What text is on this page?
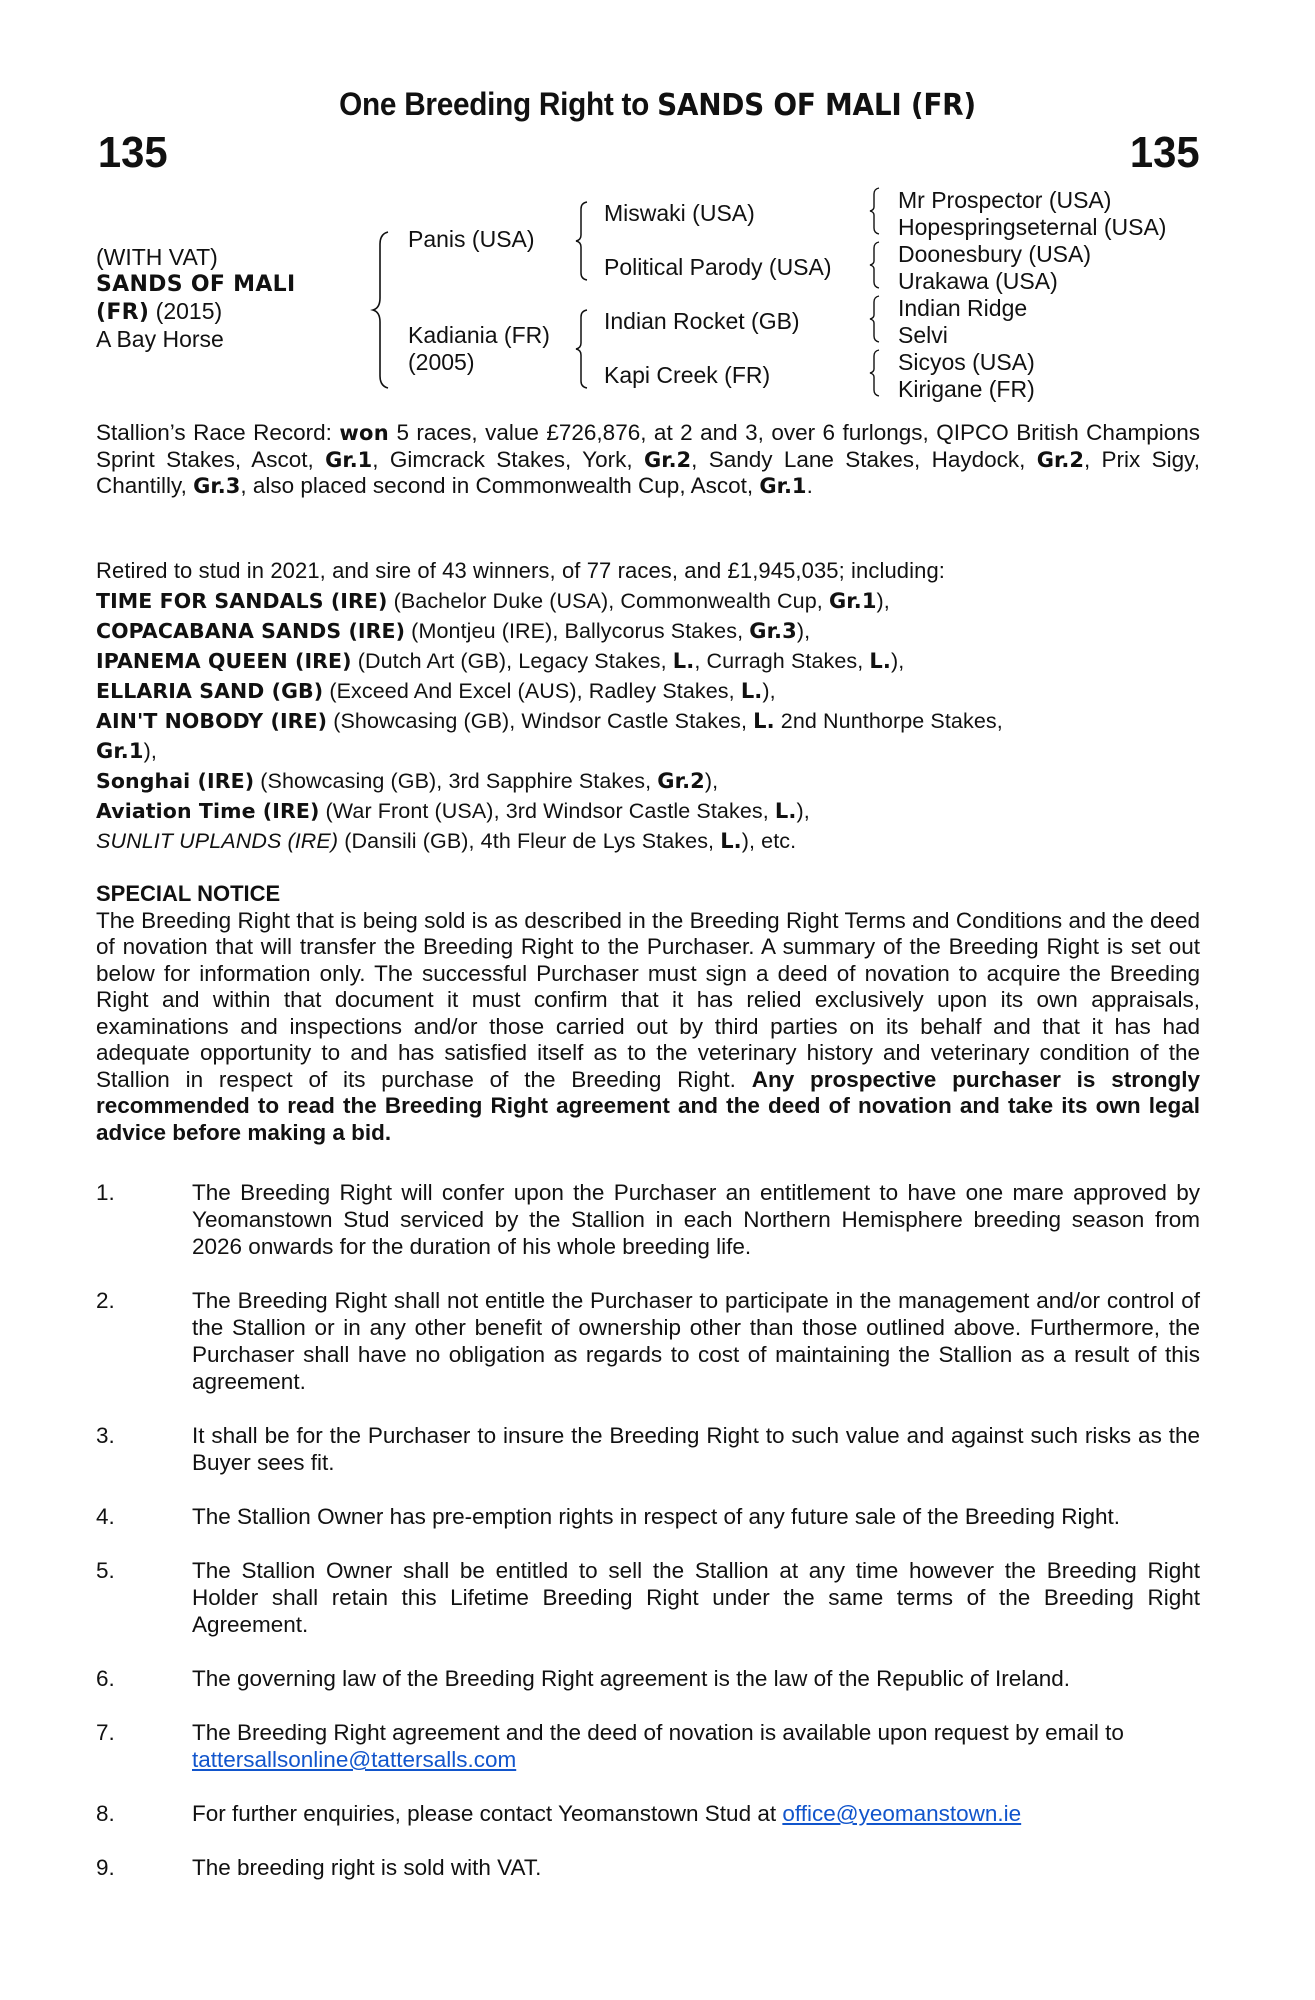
One Breeding Right to SANDS OF MALI (FR)
135	135
(WITH VAT)
SANDS OF MALI
(FR) (2015)
A Bay Horse
Panis (USA)
Kadiania (FR)
(2005)
Miswaki (USA)
Political Parody (USA)
Indian Rocket (GB)
Kapi Creek (FR)
Mr Prospector (USA)
Hopespringseternal (USA)
Doonesbury (USA)
Urakawa (USA)
Indian Ridge
Selvi
Sicyos (USA)
Kirigane (FR)
Stallion’s Race Record: won 5 races, value £726,876, at 2 and 3, over 6 furlongs, QIPCO British Champions Sprint Stakes, Ascot, Gr.1, Gimcrack Stakes, York, Gr.2, Sandy Lane Stakes, Haydock, Gr.2, Prix Sigy, Chantilly, Gr.3, also placed second in Commonwealth Cup, Ascot, Gr.1.
Retired to stud in 2021, and sire of 43 winners, of 77 races, and £1,945,035; including:
TIME FOR SANDALS (IRE) (Bachelor Duke (USA), Commonwealth Cup, Gr.1),
COPACABANA SANDS (IRE) (Montjeu (IRE), Ballycorus Stakes, Gr.3),
IPANEMA QUEEN (IRE) (Dutch Art (GB), Legacy Stakes, L., Curragh Stakes, L.),
ELLARIA SAND (GB) (Exceed And Excel (AUS), Radley Stakes, L.),
AIN'T NOBODY (IRE) (Showcasing (GB), Windsor Castle Stakes, L. 2nd Nunthorpe Stakes,
Gr.1),
Songhai (IRE) (Showcasing (GB), 3rd Sapphire Stakes, Gr.2),
Aviation Time (IRE) (War Front (USA), 3rd Windsor Castle Stakes, L.),
SUNLIT UPLANDS (IRE) (Dansili (GB), 4th Fleur de Lys Stakes, L.), etc.
SPECIAL NOTICE
The Breeding Right that is being sold is as described in the Breeding Right Terms and Conditions and the deed of novation that will transfer the Breeding Right to the Purchaser. A summary of the Breeding Right is set out below for information only. The successful Purchaser must sign a deed of novation to acquire the Breeding Right and within that document it must confirm that it has relied exclusively upon its own appraisals, examinations and inspections and/or those carried out by third parties on its behalf and that it has had adequate opportunity to and has satisfied itself as to the veterinary history and veterinary condition of the Stallion in respect of its purchase of the Breeding Right. Any prospective purchaser is strongly recommended to read the Breeding Right agreement and the deed of novation and take its own legal advice before making a bid.
1.	The Breeding Right will confer upon the Purchaser an entitlement to have one mare approved by Yeomanstown Stud serviced by the Stallion in each Northern Hemisphere breeding season from 2026 onwards for the duration of his whole breeding life.
2.	The Breeding Right shall not entitle the Purchaser to participate in the management and/or control of the Stallion or in any other benefit of ownership other than those outlined above. Furthermore, the Purchaser shall have no obligation as regards to cost of maintaining the Stallion as a result of this agreement.
3.	It shall be for the Purchaser to insure the Breeding Right to such value and against such risks as the Buyer sees fit.
4.	The Stallion Owner has pre-emption rights in respect of any future sale of the Breeding Right.
5.	The Stallion Owner shall be entitled to sell the Stallion at any time however the Breeding Right Holder shall retain this Lifetime Breeding Right under the same terms of the Breeding Right Agreement.
6.	The governing law of the Breeding Right agreement is the law of the Republic of Ireland.
7.	The Breeding Right agreement and the deed of novation is available upon request by email to
tattersallsonline@tattersalls.com
8.	For further enquiries, please contact Yeomanstown Stud at office@yeomanstown.ie
9.	The breeding right is sold with VAT.
